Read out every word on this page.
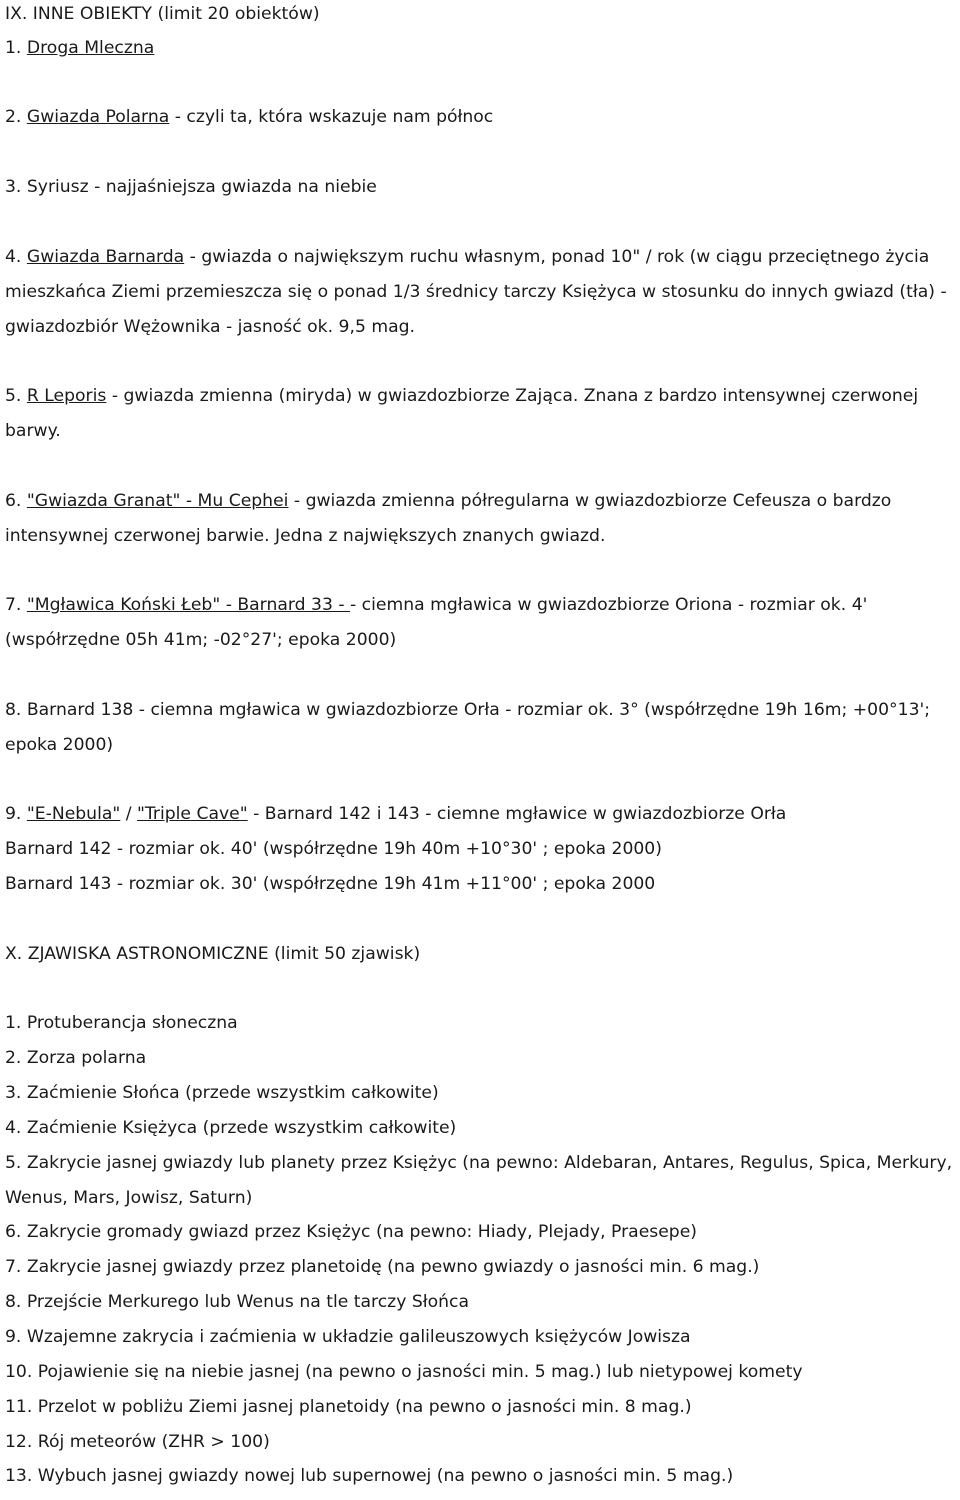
IX. INNE OBIEKTY (limit 20 obiektów)
1. Droga Mleczna
2. Gwiazda Polarna - czyli ta, która wskazuje nam północ
3. Syriusz - najjaśniejsza gwiazda na niebie
4. Gwiazda Barnarda - gwiazda o największym ruchu własnym, ponad 10" / rok (w ciągu przeciętnego życia
mieszkańca Ziemi przemieszcza się o ponad 1/3 średnicy tarczy Księżyca w stosunku do innych gwiazd (tła) -
gwiazdozbiór Wężownika - jasność ok. 9,5 mag.
5. R Leporis - gwiazda zmienna (miryda) w gwiazdozbiorze Zająca. Znana z bardzo intensywnej czerwonej
barwy.
6. "Gwiazda Granat" - Mu Cephei - gwiazda zmienna półregularna w gwiazdozbiorze Cefeusza o bardzo
intensywnej czerwonej barwie. Jedna z największych znanych gwiazd.
7. "Mgławica Koński Łeb" - Barnard 33 - - ciemna mgławica w gwiazdozbiorze Oriona - rozmiar ok. 4'
(współrzędne 05h 41m; -02°27'; epoka 2000)
8. Barnard 138 - ciemna mgławica w gwiazdozbiorze Orła - rozmiar ok. 3° (współrzędne 19h 16m; +00°13';
epoka 2000)
9. "E-Nebula" / "Triple Cave" - Barnard 142 i 143 - ciemne mgławice w gwiazdozbiorze Orła
Barnard 142 - rozmiar ok. 40' (współrzędne 19h 40m +10°30' ; epoka 2000)
Barnard 143 - rozmiar ok. 30' (współrzędne 19h 41m +11°00' ; epoka 2000
X. ZJAWISKA ASTRONOMICZNE (limit 50 zjawisk)
1. Protuberancja słoneczna
2. Zorza polarna
3. Zaćmienie Słońca (przede wszystkim całkowite)
4. Zaćmienie Księżyca (przede wszystkim całkowite)
5. Zakrycie jasnej gwiazdy lub planety przez Księżyc (na pewno: Aldebaran, Antares, Regulus, Spica, Merkury,
Wenus, Mars, Jowisz, Saturn)
6. Zakrycie gromady gwiazd przez Księżyc (na pewno: Hiady, Plejady, Praesepe)
7. Zakrycie jasnej gwiazdy przez planetoidę (na pewno gwiazdy o jasności min. 6 mag.)
8. Przejście Merkurego lub Wenus na tle tarczy Słońca
9. Wzajemne zakrycia i zaćmienia w układzie galileuszowych księżyców Jowisza
10. Pojawienie się na niebie jasnej (na pewno o jasności min. 5 mag.) lub nietypowej komety
11. Przelot w pobliżu Ziemi jasnej planetoidy (na pewno o jasności min. 8 mag.)
12. Rój meteorów (ZHR > 100)
13. Wybuch jasnej gwiazdy nowej lub supernowej (na pewno o jasności min. 5 mag.)
